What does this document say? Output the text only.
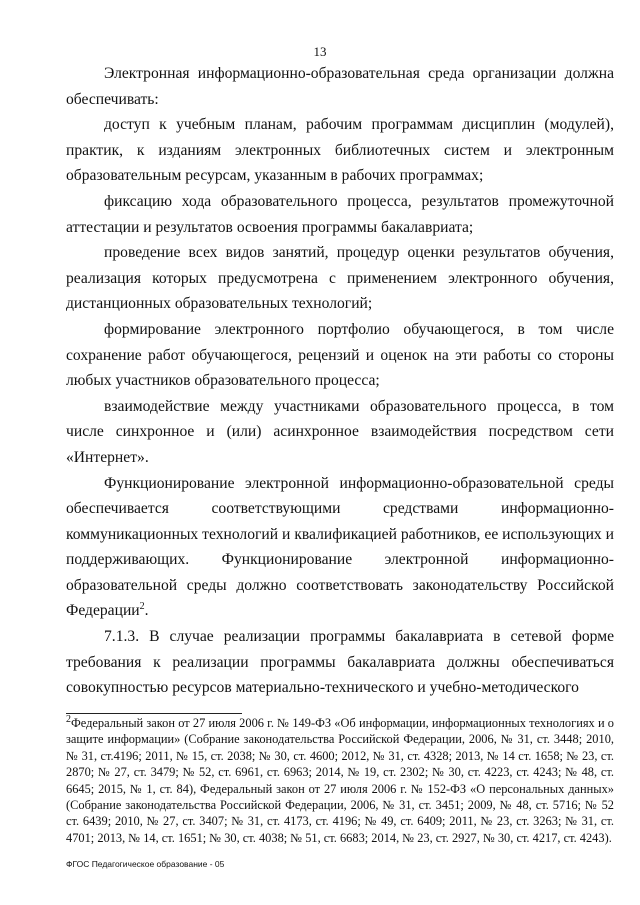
13

Электронная информационно-образовательная среда организации должна обеспечивать:

доступ к учебным планам, рабочим программам дисциплин (модулей), практик, к изданиям электронных библиотечных систем и электронным образовательным ресурсам, указанным в рабочих программах;

фиксацию хода образовательного процесса, результатов промежуточной аттестации и результатов освоения программы бакалавриата;

проведение всех видов занятий, процедур оценки результатов обучения, реализация которых предусмотрена с применением электронного обучения, дистанционных образовательных технологий;

формирование электронного портфолио обучающегося, в том числе сохранение работ обучающегося, рецензий и оценок на эти работы со стороны любых участников образовательного процесса;

взаимодействие между участниками образовательного процесса, в том числе синхронное и (или) асинхронное взаимодействия посредством сети «Интернет».

Функционирование электронной информационно-образовательной среды обеспечивается соответствующими средствами информационно-коммуникационных технологий и квалификацией работников, ее использующих и поддерживающих. Функционирование электронной информационно-образовательной среды должно соответствовать законодательству Российской Федерации$^2$.

7.1.3. В случае реализации программы бакалавриата в сетевой форме требования к реализации программы бакалавриата должны обеспечиваться совокупностью ресурсов материально-технического и учебно-методического

$^2$Федеральный закон от 27 июля 2006 г. № 149-ФЗ «Об информации, информационных технологиях и о защите информации» (Собрание законодательства Российской Федерации, 2006, № 31, ст. 3448; 2010, № 31, ст.4196; 2011, № 15, ст. 2038; № 30, ст. 4600; 2012, № 31, ст. 4328; 2013, № 14 ст. 1658; № 23, ст. 2870; № 27, ст. 3479; № 52, ст. 6961, ст. 6963; 2014, № 19, ст. 2302; № 30, ст. 4223, ст. 4243; № 48, ст. 6645; 2015, № 1, ст. 84), Федеральный закон от 27 июля 2006 г. № 152-ФЗ «О персональных данных» (Собрание законодательства Российской Федерации, 2006, № 31, ст. 3451; 2009, № 48, ст. 5716; № 52 ст. 6439; 2010, № 27, ст. 3407; № 31, ст. 4173, ст. 4196; № 49, ст. 6409; 2011, № 23, ст. 3263; № 31, ст. 4701; 2013, № 14, ст. 1651; № 30, ст. 4038; № 51, ст. 6683; 2014, № 23, ст. 2927, № 30, ст. 4217, ст. 4243).
ФГОС Педагогическое образование - 05
